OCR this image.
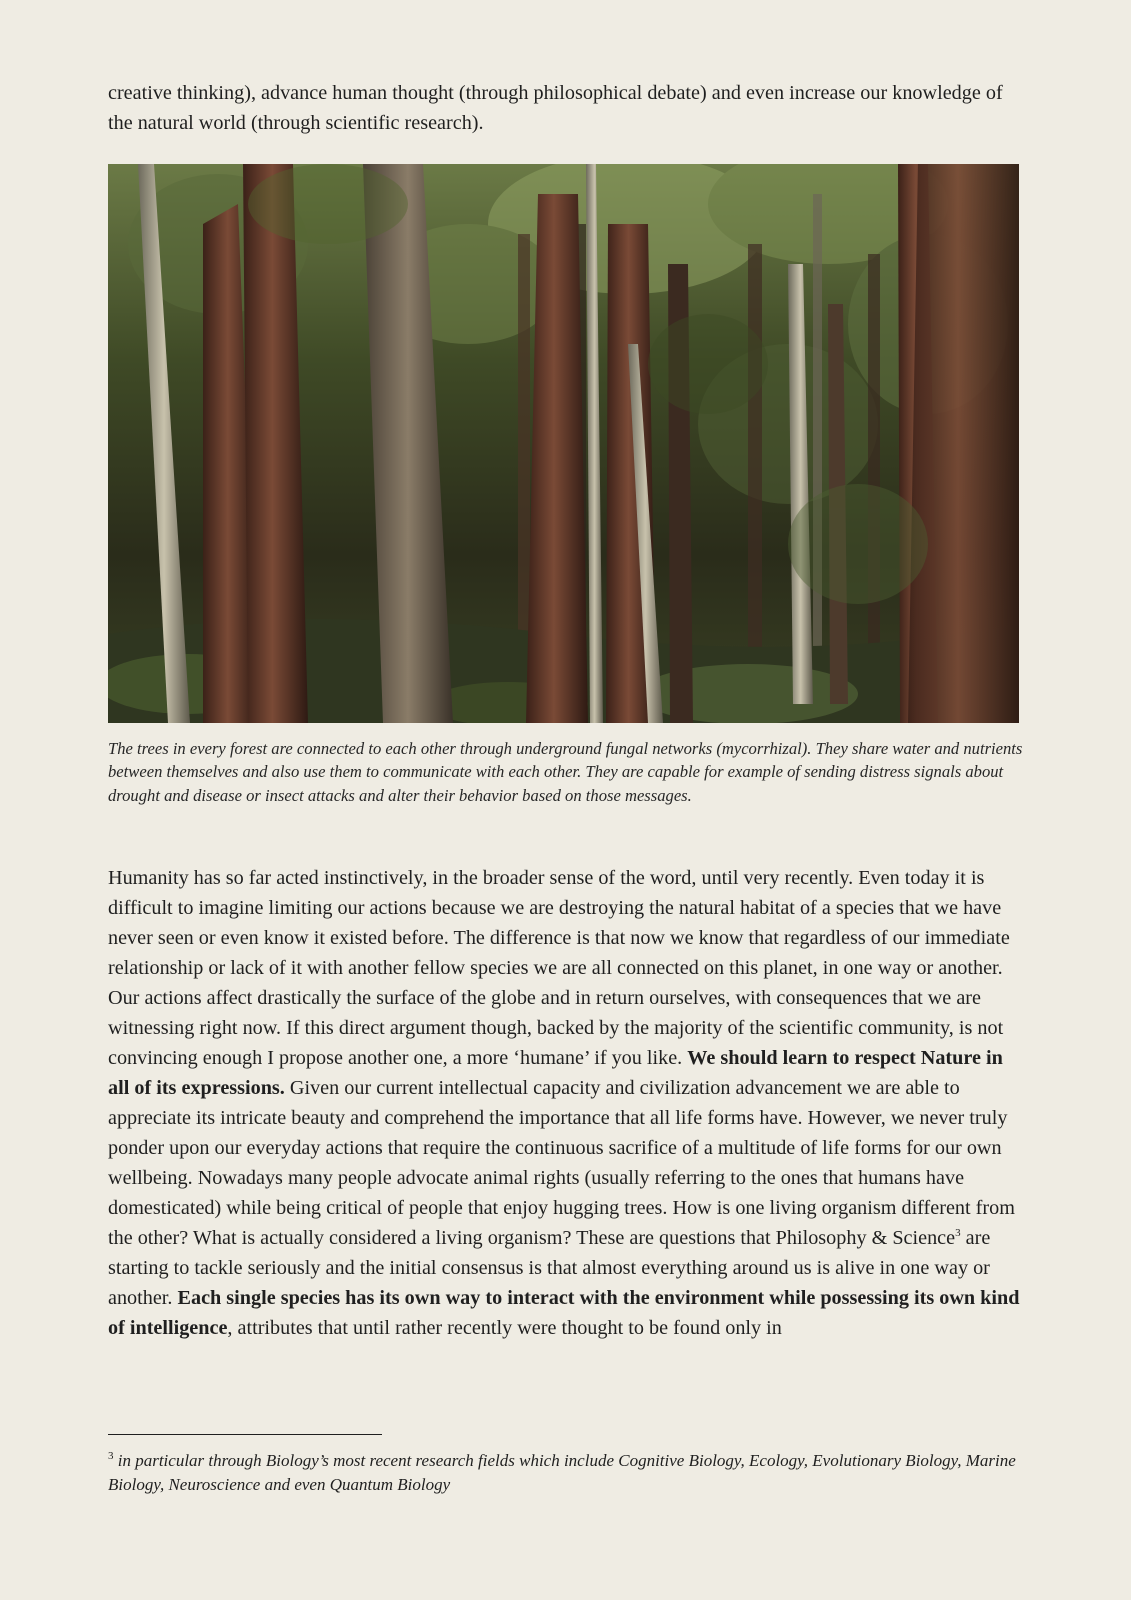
creative thinking), advance human thought (through philosophical debate) and even increase our knowledge of the natural world (through scientific research).

The trees in every forest are connected to each other through underground fungal networks (mycorrhizal). They share water and nutrients between themselves and also use them to communicate with each other. They are capable for example of sending distress signals about drought and disease or insect attacks and alter their behavior based on those messages.

Humanity has so far acted instinctively, in the broader sense of the word, until very recently. Even today it is difficult to imagine limiting our actions because we are destroying the natural habitat of a species that we have never seen or even know it existed before. The difference is that now we know that regardless of our immediate relationship or lack of it with another fellow species we are all connected on this planet, in one way or another. Our actions affect drastically the surface of the globe and in return ourselves, with consequences that we are witnessing right now. If this direct argument though, backed by the majority of the scientific community, is not convincing enough I propose another one, a more ‘humane’ if you like. We should learn to respect Nature in all of its expressions. Given our current intellectual capacity and civilization advancement we are able to appreciate its intricate beauty and comprehend the importance that all life forms have. However, we never truly ponder upon our everyday actions that require the continuous sacrifice of a multitude of life forms for our own wellbeing. Nowadays many people advocate animal rights (usually referring to the ones that humans have domesticated) while being critical of people that enjoy hugging trees. How is one living organism different from the other? What is actually considered a living organism? These are questions that Philosophy & Science$^3$ are starting to tackle seriously and the initial consensus is that almost everything around us is alive in one way or another. Each single species has its own way to interact with the environment while possessing its own kind of intelligence, attributes that until rather recently were thought to be found only in

$^3$ in particular through Biology’s most recent research fields which include Cognitive Biology, Ecology, Evolutionary Biology, Marine Biology, Neuroscience and even Quantum Biology
